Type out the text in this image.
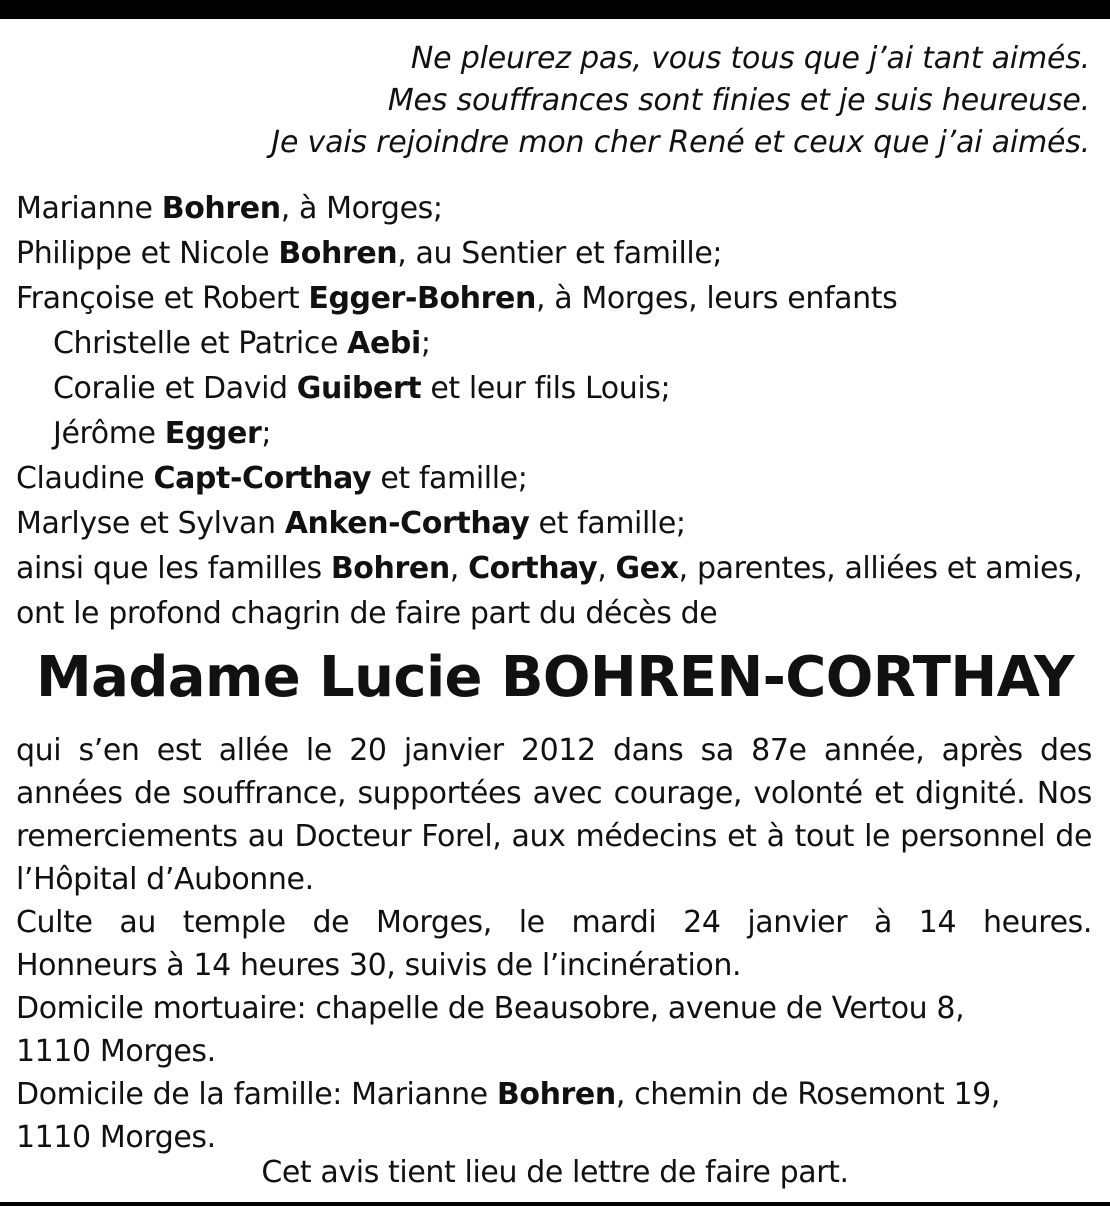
Ne pleurez pas, vous tous que j’ai tant aimés.
Mes souffrances sont finies et je suis heureuse.
Je vais rejoindre mon cher René et ceux que j’ai aimés.
Marianne Bohren, à Morges;
Philippe et Nicole Bohren, au Sentier et famille;
Françoise et Robert Egger-Bohren, à Morges, leurs enfants
Christelle et Patrice Aebi;
Coralie et David Guibert et leur fils Louis;
Jérôme Egger;
Claudine Capt-Corthay et famille;
Marlyse et Sylvan Anken-Corthay et famille;
ainsi que les familles Bohren, Corthay, Gex, parentes, alliées et amies,
ont le profond chagrin de faire part du décès de
Madame Lucie BOHREN-CORTHAY
qui s’en est allée le 20 janvier 2012 dans sa 87e année, après des années de souffrance, supportées avec courage, volonté et dignité. Nos remerciements au Docteur Forel, aux médecins et à tout le personnel de l’Hôpital d’Aubonne.
Culte au temple de Morges, le mardi 24 janvier à 14 heures.
Honneurs à 14 heures 30, suivis de l’incinération.
Domicile mortuaire: chapelle de Beausobre, avenue de Vertou 8,
1110 Morges.
Domicile de la famille: Marianne Bohren, chemin de Rosemont 19,
1110 Morges.
Cet avis tient lieu de lettre de faire part.
